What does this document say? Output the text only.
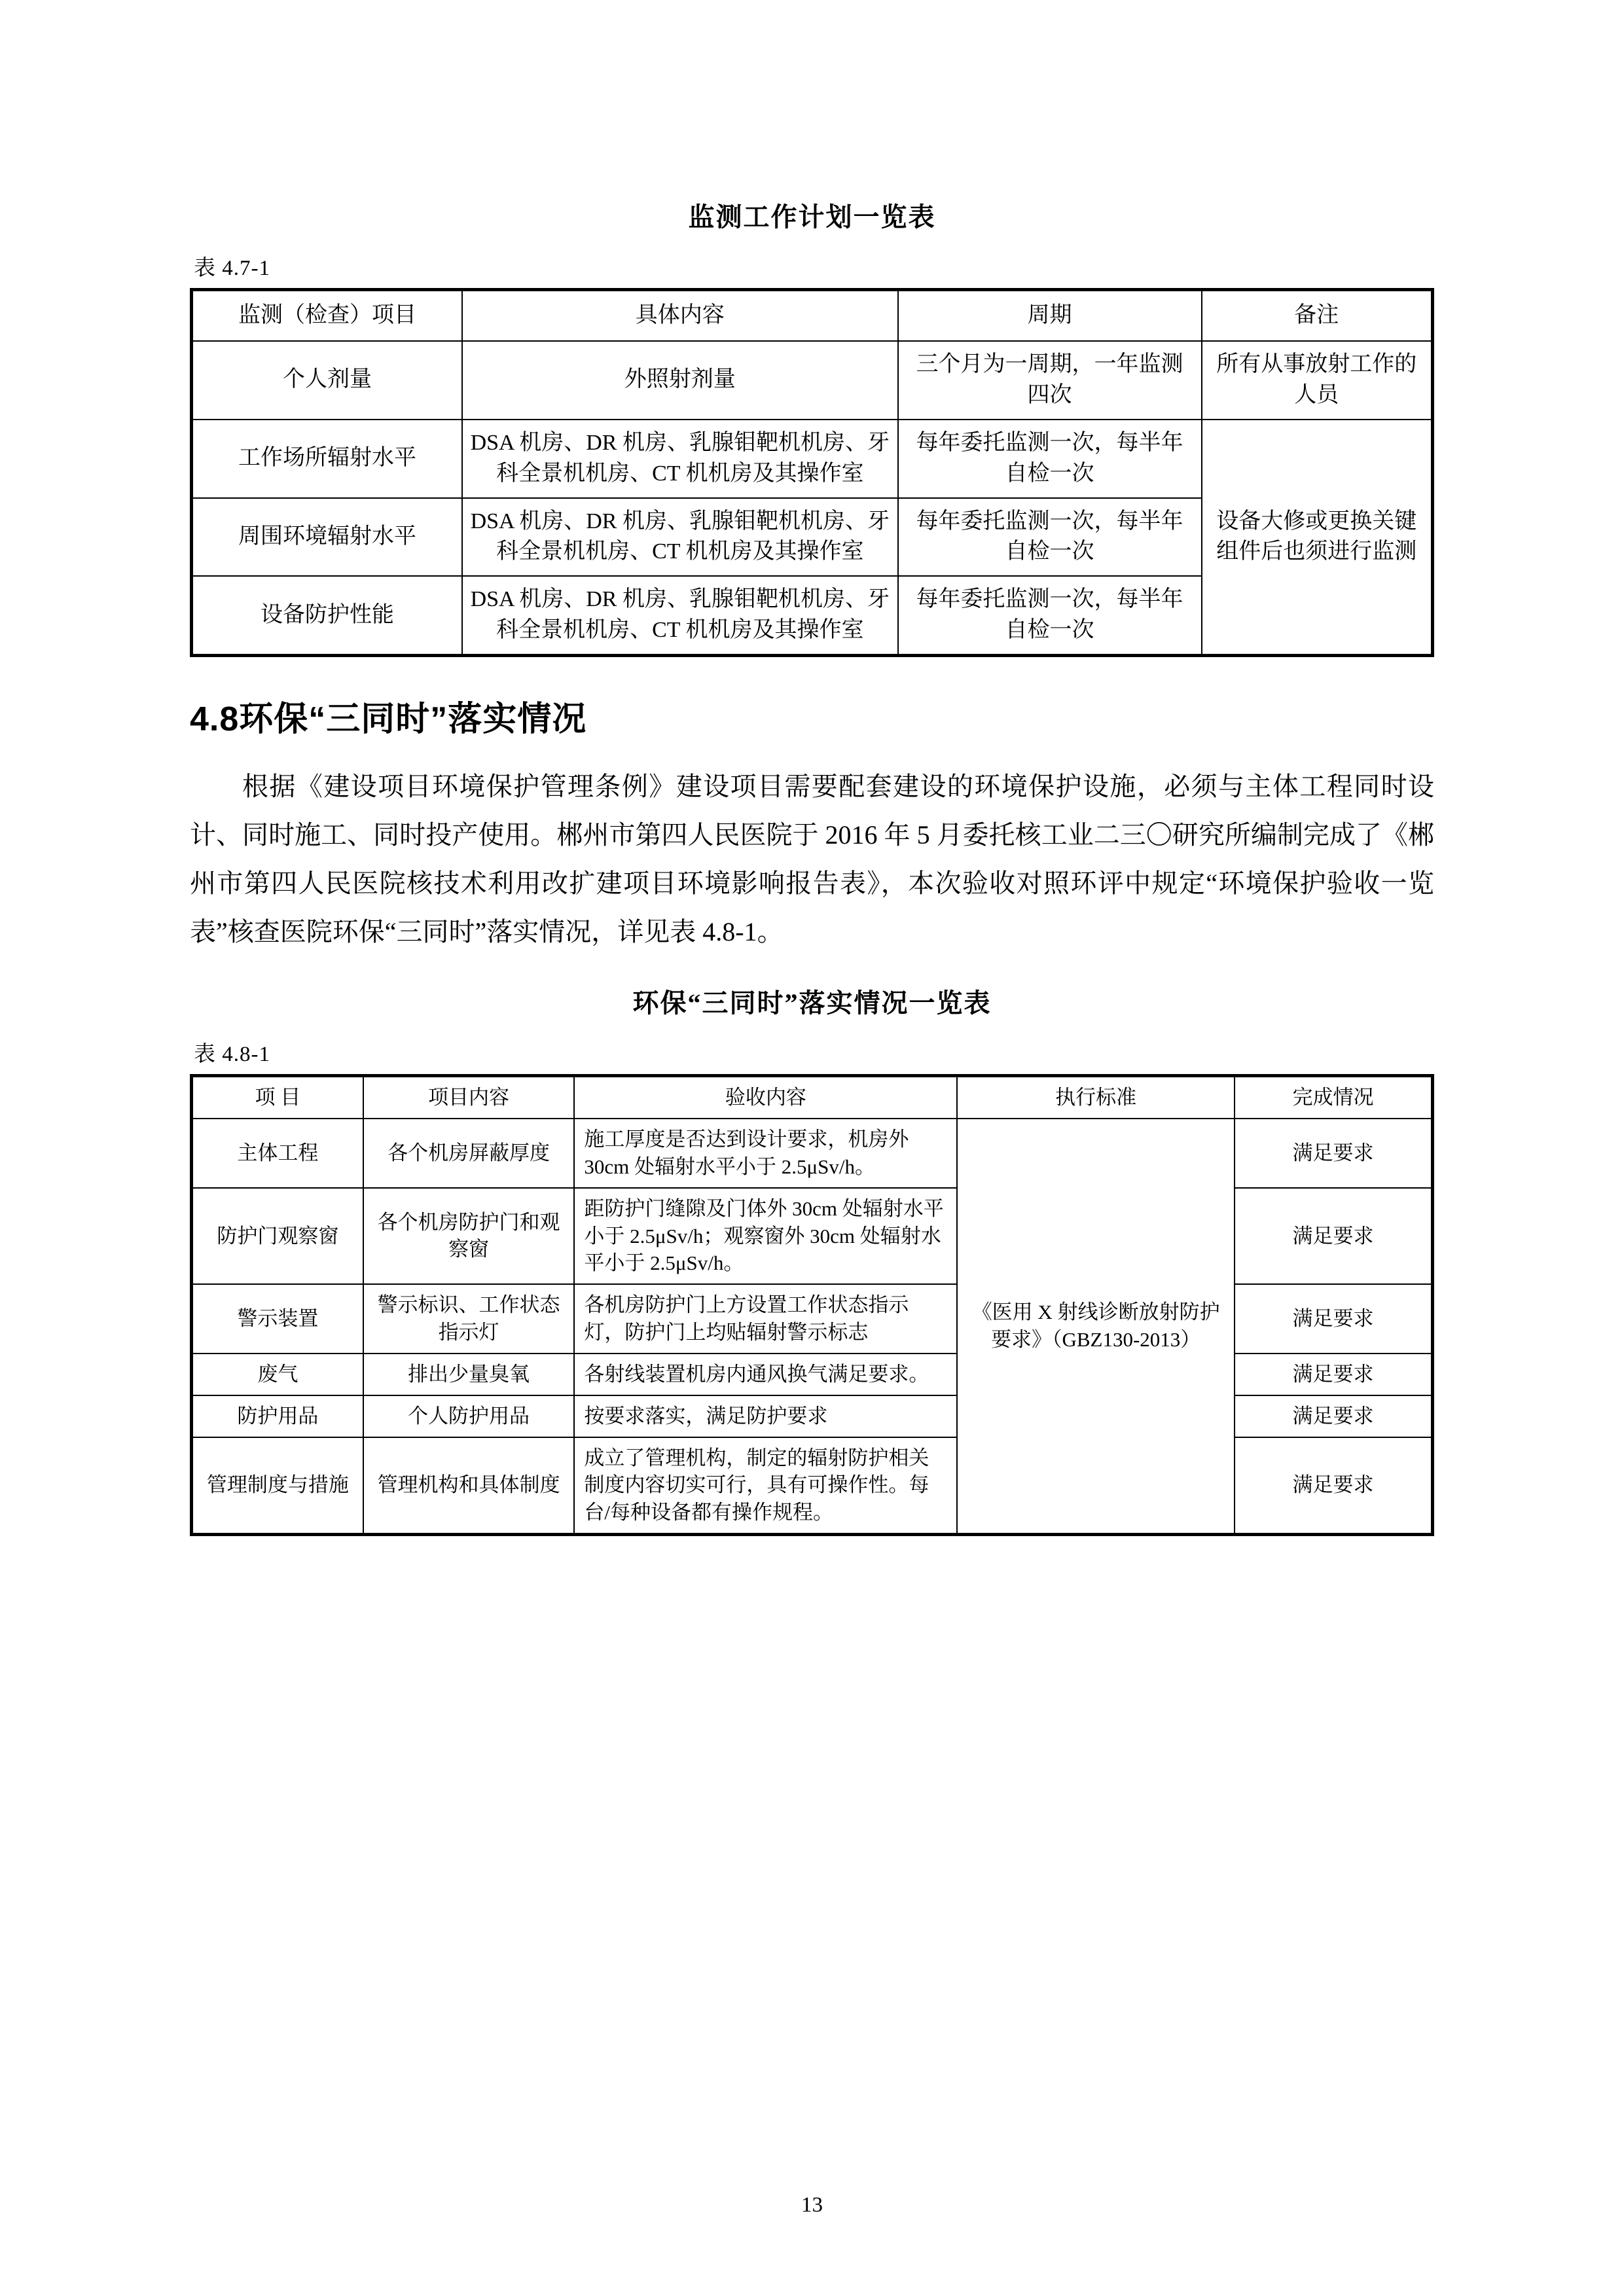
监测工作计划一览表
表 4.7-1
监测（检查）项目	具体内容	周期	备注
个人剂量	外照射剂量	三个月为一周期，一年监测四次	所有从事放射工作的人员
工作场所辐射水平	DSA 机房、DR 机房、乳腺钼靶机机房、牙科全景机机房、CT 机机房及其操作室	每年委托监测一次，每半年自检一次	设备大修或更换关键组件后也须进行监测
周围环境辐射水平	DSA 机房、DR 机房、乳腺钼靶机机房、牙科全景机机房、CT 机机房及其操作室	每年委托监测一次，每半年自检一次	
设备防护性能	DSA 机房、DR 机房、乳腺钼靶机机房、牙科全景机机房、CT 机机房及其操作室	每年委托监测一次，每半年自检一次	
4.8环保“三同时”落实情况

根据《建设项目环境保护管理条例》建设项目需要配套建设的环境保护设施，必须与主体工程同时设计、同时施工、同时投产使用。郴州市第四人民医院于 2016 年 5 月委托核工业二三〇研究所编制完成了《郴州市第四人民医院核技术利用改扩建项目环境影响报告表》，本次验收对照环评中规定“环境保护验收一览表”核查医院环保“三同时”落实情况，详见表 4.8-1。

环保“三同时”落实情况一览表
表 4.8-1
项 目	项目内容	验收内容	执行标准	完成情况
主体工程	各个机房屏蔽厚度	施工厚度是否达到设计要求，机房外 30cm 处辐射水平小于 2.5μSv/h。	《医用 X 射线诊断放射防护要求》（GBZ130-2013）	满足要求
防护门观察窗	各个机房防护门和观察窗	距防护门缝隙及门体外 30cm 处辐射水平小于 2.5μSv/h；观察窗外 30cm 处辐射水平小于 2.5μSv/h。		满足要求
警示装置	警示标识、工作状态指示灯	各机房防护门上方设置工作状态指示灯，防护门上均贴辐射警示标志		满足要求
废气	排出少量臭氧	各射线装置机房内通风换气满足要求。		满足要求
防护用品	个人防护用品	按要求落实，满足防护要求		满足要求
管理制度与措施	管理机构和具体制度	成立了管理机构，制定的辐射防护相关制度内容切实可行，具有可操作性。每台/每种设备都有操作规程。		满足要求
13
